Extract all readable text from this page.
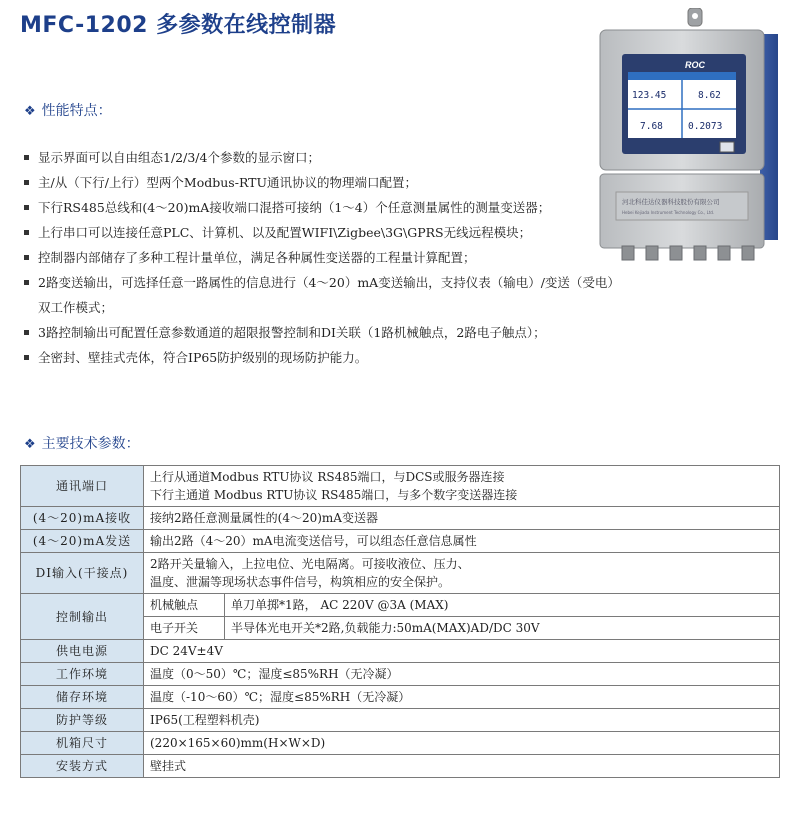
MFC-1202 多参数在线控制器
ROC
123.45	8.62
7.68	0.2073
河北科佳达仪器科技股份有限公司
Hebei Kejiada Instrument Technology Co., Ltd.
❖ 性能特点：
显示界面可以自由组态1/2/3/4个参数的显示窗口；
主/从（下行/上行）型两个Modbus-RTU通讯协议的物理端口配置；
下行RS485总线和(4～20)mA接收端口混搭可接纳（1～4）个任意测量属性的测量变送器；
上行串口可以连接任意PLC、计算机、以及配置WIFI\Zigbee\3G\GPRS无线远程模块；
控制器内部储存了多种工程计量单位，满足各种属性变送器的工程量计算配置；
2路变送输出，可选择任意一路属性的信息进行（4～20）mA变送输出，支持仪表（输电）/变送（受电）双工作模式；
3路控制输出可配置任意参数通道的超限报警控制和DI关联（1路机械触点，2路电子触点）；
全密封、壁挂式壳体，符合IP65防护级别的现场防护能力。
❖ 主要技术参数：
通讯端口	上行从通道Modbus RTU协议 RS485端口，与DCS或服务器连接
下行主通道 Modbus RTU协议 RS485端口，与多个数字变送器连接	

(4～20)mA接收	接纳2路任意测量属性的(4～20)mA变送器	
(4～20)mA发送	输出2路（4～20）mA电流变送信号，可以组态任意信息属性	
DI输入(干接点)	2路开关量输入，上拉电位、光电隔离。可接收液位、压力、
温度、泄漏等现场状态事件信号，构筑相应的安全保护。	

控制输出	机械触点	单刀单掷*1路， AC 220V @3A (MAX)
	电子开关	半导体光电开关*2路,负载能力:50mA(MAX)AD/DC 30V
供电电源	DC 24V±4V	
工作环境	温度（0～50）℃；湿度≤85%RH（无冷凝）	
储存环境	温度（-10～60）℃；湿度≤85%RH（无冷凝）	
防护等级	IP65(工程塑料机壳)	
机箱尺寸	(220×165×60)mm(H×W×D)	
安装方式	壁挂式	
